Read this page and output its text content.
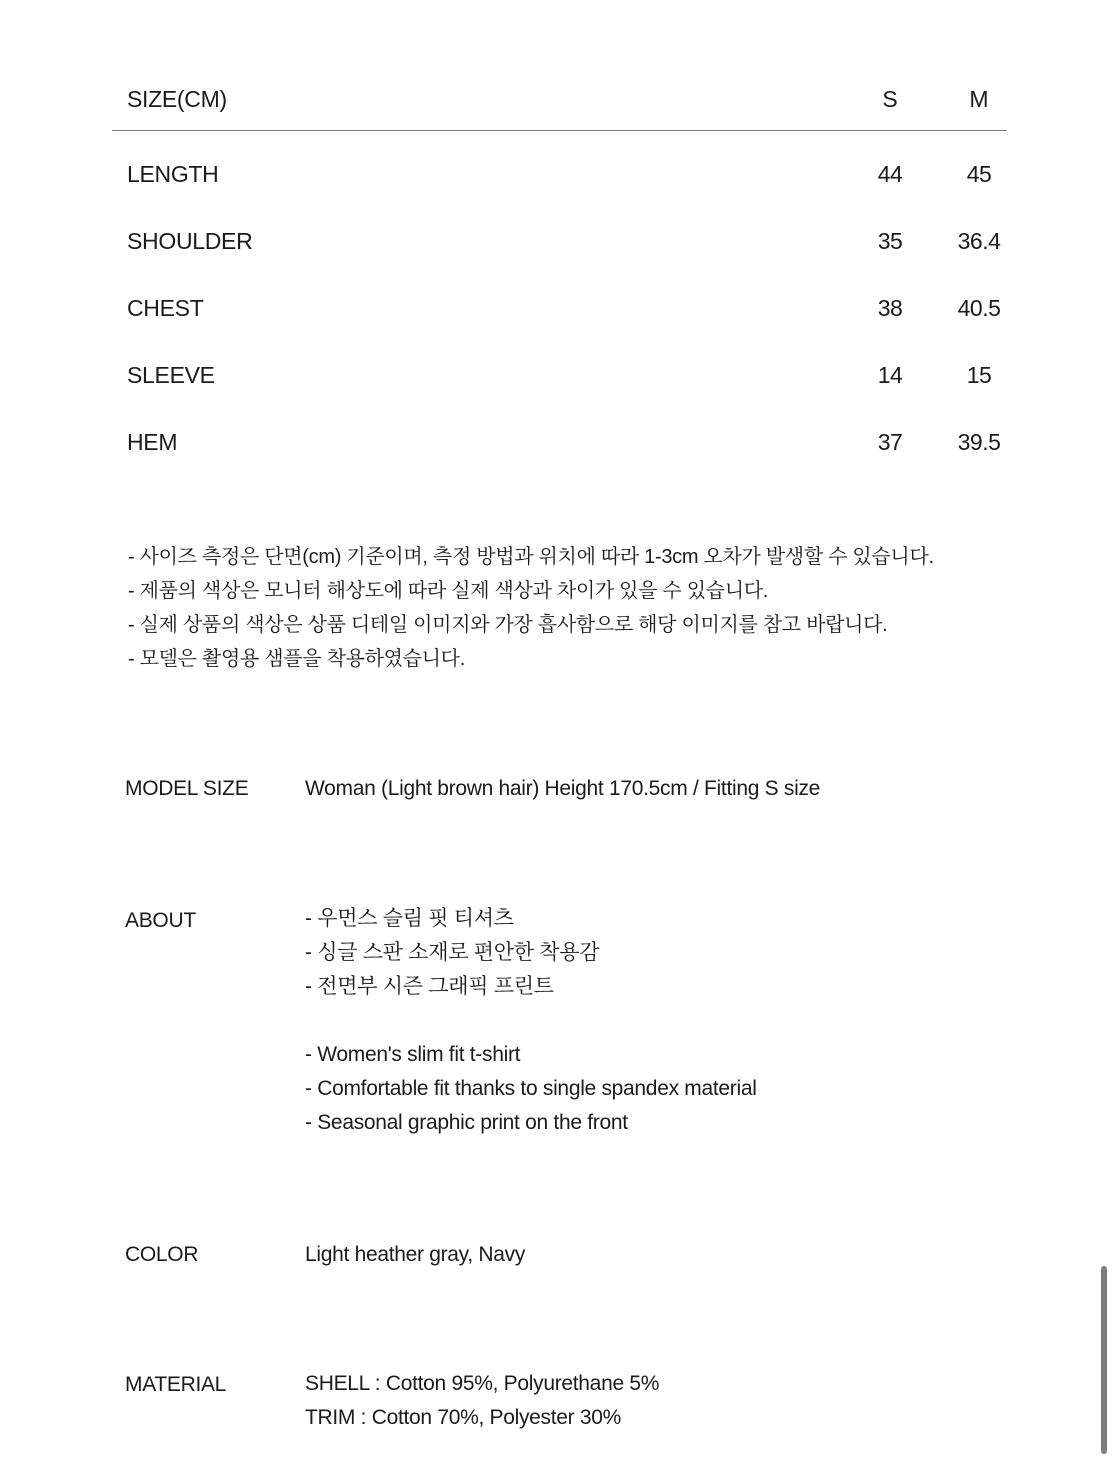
SIZE(CM)	S	M
LENGTH	44	45
SHOULDER	35	36.4
CHEST	38	40.5
SLEEVE	14	15
HEM	37	39.5
- 사이즈 측정은 단면(cm) 기준이며, 측정 방법과 위치에 따라 1-3cm 오차가 발생할 수 있습니다.
- 제품의 색상은 모니터 해상도에 따라 실제 색상과 차이가 있을 수 있습니다.
- 실제 상품의 색상은 상품 디테일 이미지와 가장 흡사함으로 해당 이미지를 참고 바랍니다.
- 모델은 촬영용 샘플을 착용하였습니다.
MODEL SIZE	Woman (Light brown hair) Height 170.5cm / Fitting S size
ABOUT	- 우먼스 슬림 핏 티셔츠
- 싱글 스판 소재로 편안한 착용감
- 전면부 시즌 그래픽 프린트
- Women's slim fit t-shirt
- Comfortable fit thanks to single spandex material
- Seasonal graphic print on the front
COLOR	Light heather gray, Navy
MATERIAL	SHELL : Cotton 95%, Polyurethane 5%
TRIM : Cotton 70%, Polyester 30%
